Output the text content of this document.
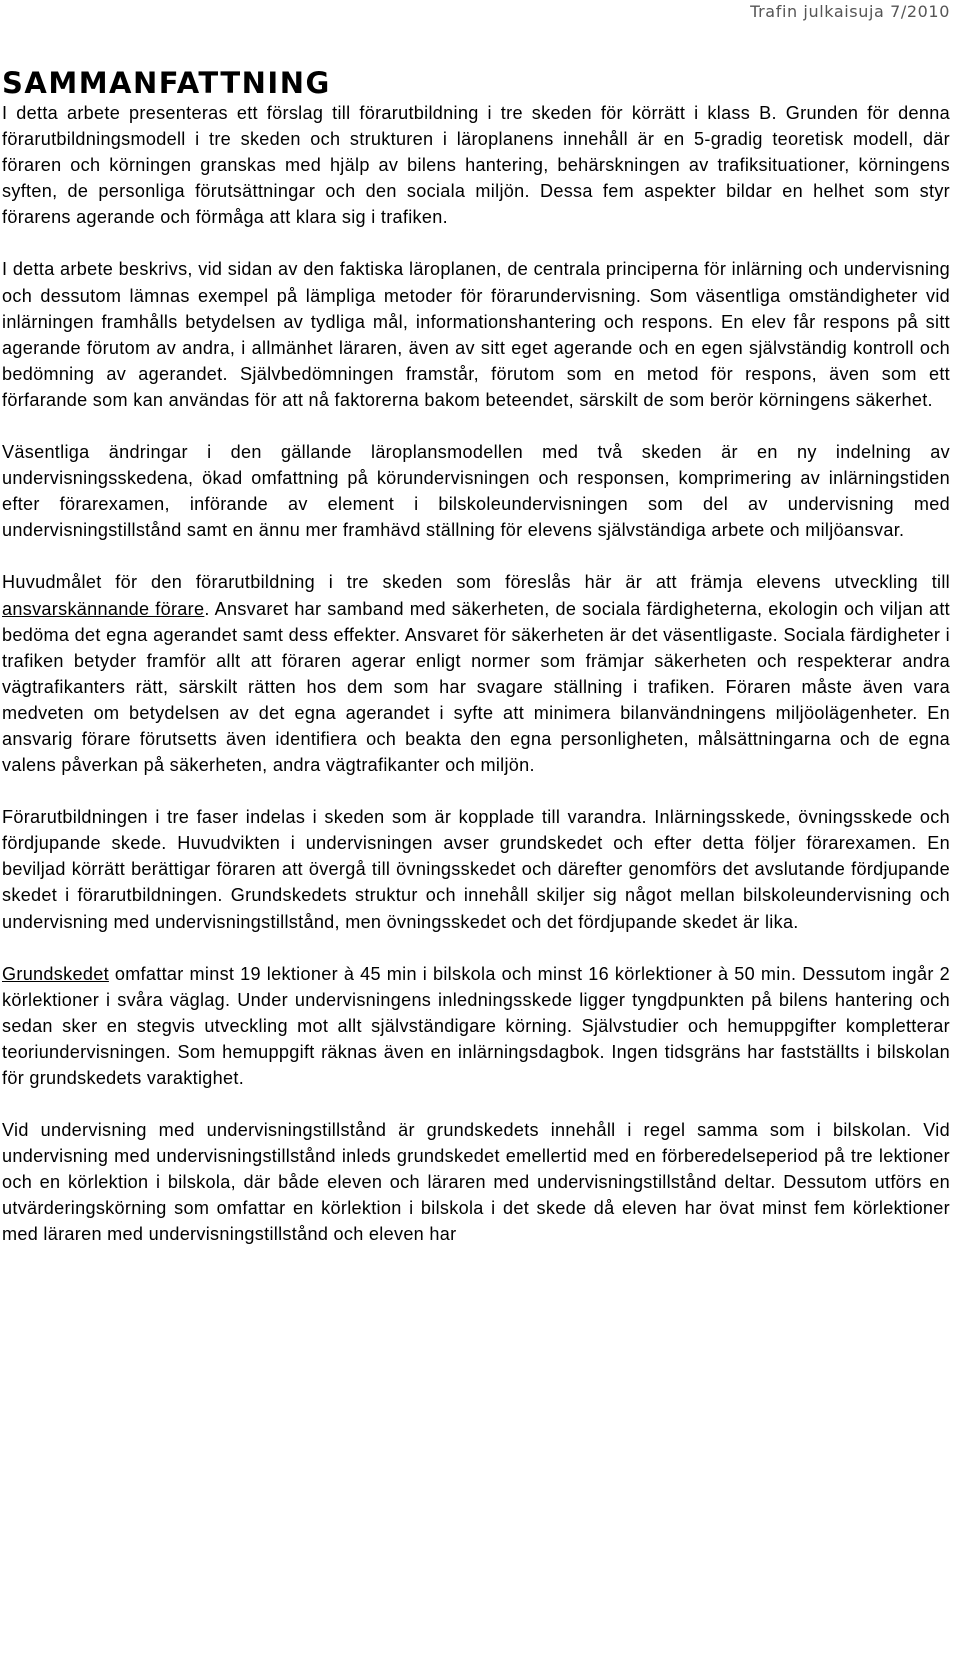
Trafin julkaisuja 7/2010
SAMMANFATTNING

I detta arbete presenteras ett förslag till förarutbildning i tre skeden för körrätt i klass B. Grunden för denna förarutbildningsmodell i tre skeden och strukturen i läroplanens innehåll är en 5-gradig teoretisk modell, där föraren och körningen granskas med hjälp av bilens hantering, behärskningen av trafiksituationer, körningens syften, de personliga förutsättningar och den sociala miljön. Dessa fem aspekter bildar en helhet som styr förarens agerande och förmåga att klara sig i trafiken.

I detta arbete beskrivs, vid sidan av den faktiska läroplanen, de centrala principerna för inlärning och undervisning och dessutom lämnas exempel på lämpliga metoder för förarundervisning. Som väsentliga omständigheter vid inlärningen framhålls betydelsen av tydliga mål, informationshantering och respons. En elev får respons på sitt agerande förutom av andra, i allmänhet läraren, även av sitt eget agerande och en egen självständig kontroll och bedömning av agerandet. Självbedömningen framstår, förutom som en metod för respons, även som ett förfarande som kan användas för att nå faktorerna bakom beteendet, särskilt de som berör körningens säkerhet.

Väsentliga ändringar i den gällande läroplansmodellen med två skeden är en ny indelning av undervisningsskedena, ökad omfattning på körundervisningen och responsen, komprimering av inlärningstiden efter förarexamen, införande av element i bilskoleundervisningen som del av undervisning med undervisningstillstånd samt en ännu mer framhävd ställning för elevens självständiga arbete och miljöansvar.

Huvudmålet för den förarutbildning i tre skeden som föreslås här är att främja elevens utveckling till ansvarskännande förare. Ansvaret har samband med säkerheten, de sociala färdigheterna, ekologin och viljan att bedöma det egna agerandet samt dess effekter. Ansvaret för säkerheten är det väsentligaste. Sociala färdigheter i trafiken betyder framför allt att föraren agerar enligt normer som främjar säkerheten och respekterar andra vägtrafikanters rätt, särskilt rätten hos dem som har svagare ställning i trafiken. Föraren måste även vara medveten om betydelsen av det egna agerandet i syfte att minimera bilanvändningens miljöolägenheter. En ansvarig förare förutsetts även identifiera och beakta den egna personligheten, målsättningarna och de egna valens påverkan på säkerheten, andra vägtrafikanter och miljön.

Förarutbildningen i tre faser indelas i skeden som är kopplade till varandra. Inlärningsskede, övningsskede och fördjupande skede. Huvudvikten i undervisningen avser grundskedet och efter detta följer förarexamen. En beviljad körrätt berättigar föraren att övergå till övningsskedet och därefter genomförs det avslutande fördjupande skedet i förarutbildningen. Grundskedets struktur och innehåll skiljer sig något mellan bilskoleundervisning och undervisning med undervisningstillstånd, men övningsskedet och det fördjupande skedet är lika.

Grundskedet omfattar minst 19 lektioner à 45 min i bilskola och minst 16 körlektioner à 50 min. Dessutom ingår 2 körlektioner i svåra väglag. Under undervisningens inledningsskede ligger tyngdpunkten på bilens hantering och sedan sker en stegvis utveckling mot allt självständigare körning. Självstudier och hemuppgifter kompletterar teoriundervisningen. Som hemuppgift räknas även en inlärningsdagbok. Ingen tidsgräns har fastställts i bilskolan för grundskedets varaktighet.

Vid undervisning med undervisningstillstånd är grundskedets innehåll i regel samma som i bilskolan. Vid undervisning med undervisningstillstånd inleds grundskedet emellertid med en förberedelseperiod på tre lektioner och en körlektion i bilskola, där både eleven och läraren med undervisningstillstånd deltar. Dessutom utförs en utvärderingskörning som omfattar en körlektion i bilskola i det skede då eleven har övat minst fem körlektioner med läraren med undervisningstillstånd och eleven har
